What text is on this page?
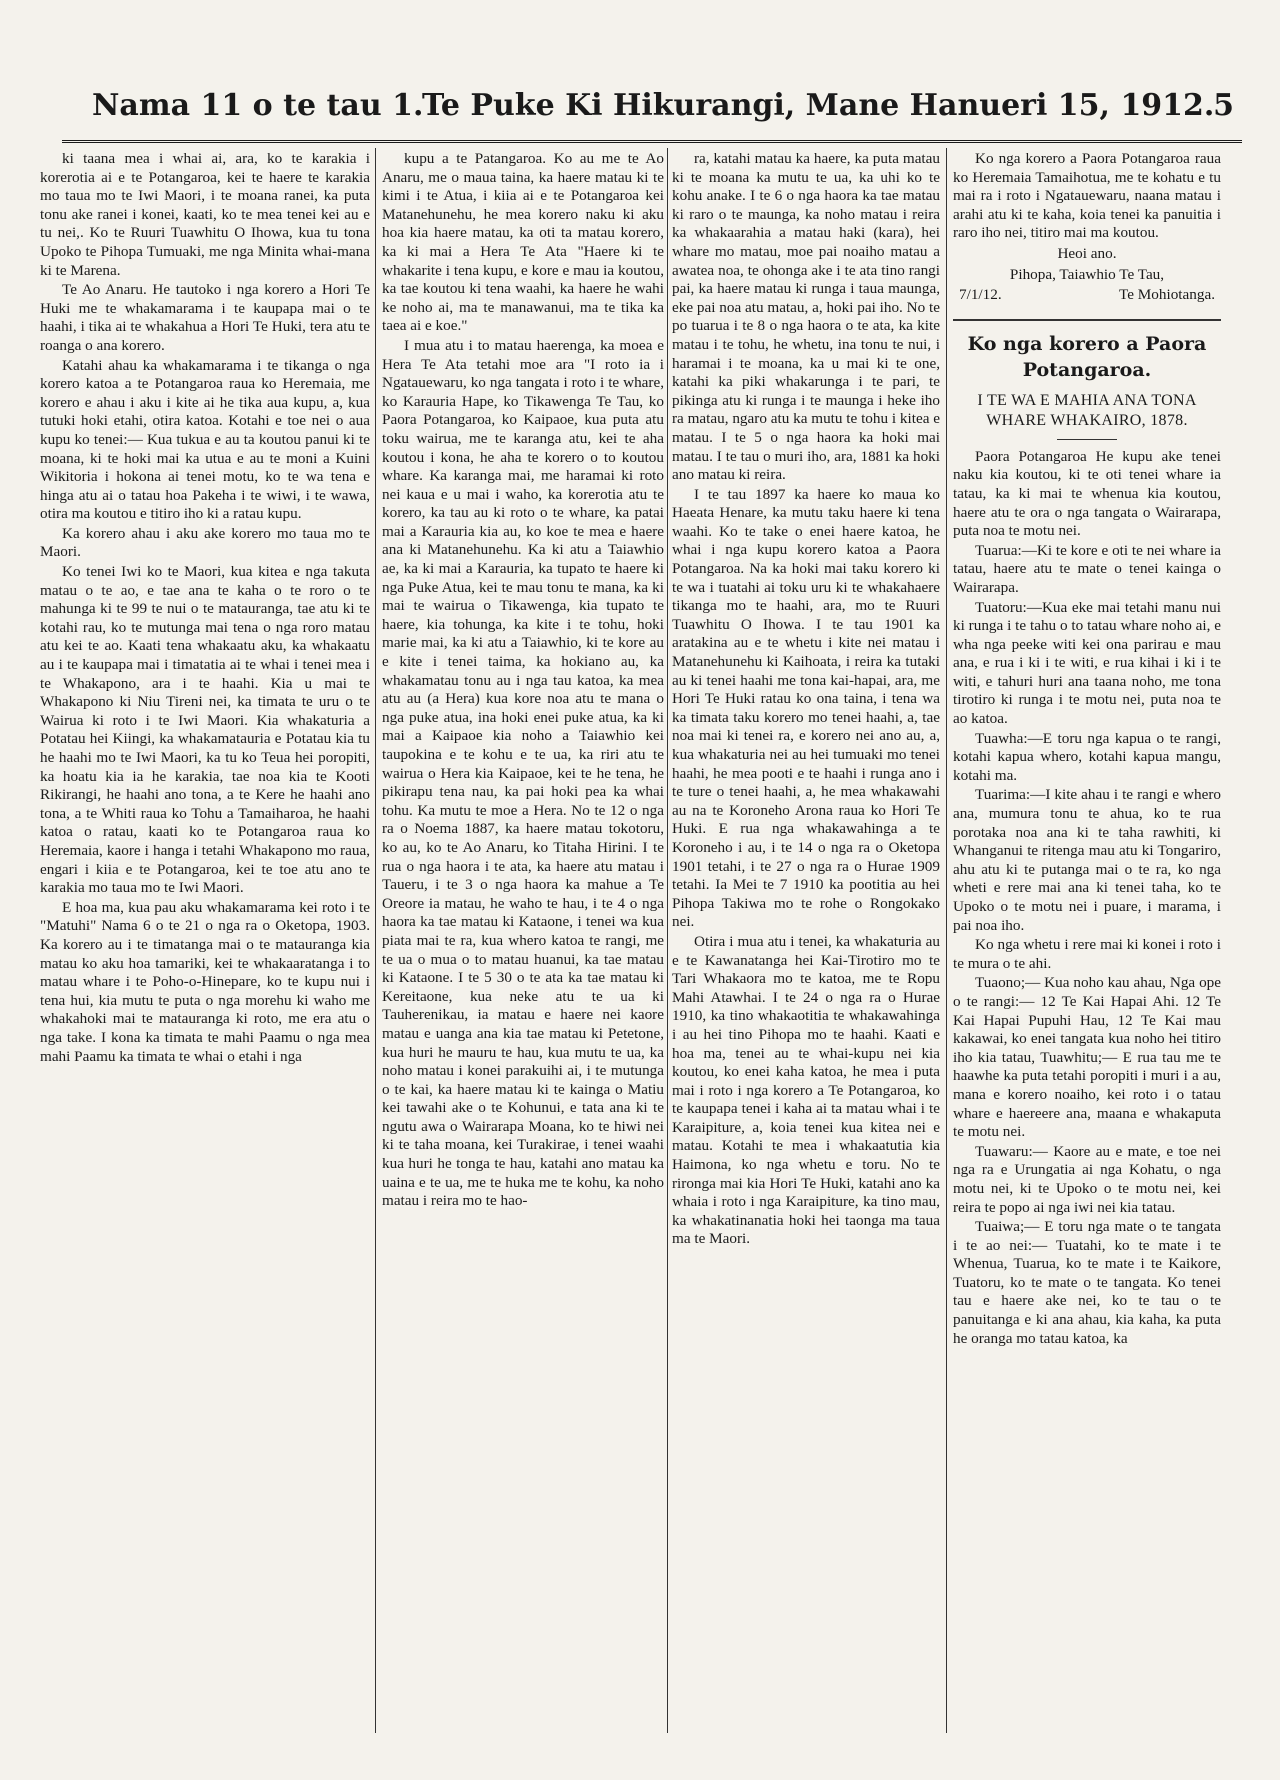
Nama 11 o te tau 1.
Te Puke Ki Hikurangi, Mane Hanueri 15, 1912.
5

ki taana mea i whai ai, ara, ko te karakia i korerotia ai e te Potangaroa, kei te haere te karakia mo taua mo te Iwi Maori, i te moana ranei, ka puta tonu ake ranei i konei, kaati, ko te mea tenei kei au e tu nei,. Ko te Ruuri Tuawhitu O Ihowa, kua tu tona Upoko te Pihopa Tumuaki, me nga Minita whai-mana ki te Marena.

Te Ao Anaru. He tautoko i nga korero a Hori Te Huki me te whakamarama i te kaupapa mai o te haahi, i tika ai te whakahua a Hori Te Huki, tera atu te roanga o ana korero.

Katahi ahau ka whakamarama i te tikanga o nga korero katoa a te Potangaroa raua ko Heremaia, me korero e ahau i aku i kite ai he tika aua kupu, a, kua tutuki hoki etahi, otira katoa. Kotahi e toe nei o aua kupu ko tenei:— Kua tukua e au ta koutou panui ki te moana, ki te hoki mai ka utua e au te moni a Kuini Wikitoria i hokona ai tenei motu, ko te wa tena e hinga atu ai o tatau hoa Pakeha i te wiwi, i te wawa, otira ma koutou e titiro iho ki a ratau kupu.

Ka korero ahau i aku ake korero mo taua mo te Maori.

Ko tenei Iwi ko te Maori, kua kitea e nga takuta matau o te ao, e tae ana te kaha o te roro o te mahunga ki te 99 te nui o te matauranga, tae atu ki te kotahi rau, ko te mutunga mai tena o nga roro matau atu kei te ao. Kaati tena whakaatu aku, ka whakaatu au i te kaupapa mai i timatatia ai te whai i tenei mea i te Whakapono, ara i te haahi. Kia u mai te Whakapono ki Niu Tireni nei, ka timata te uru o te Wairua ki roto i te Iwi Maori. Kia whakaturia a Potatau hei Kiingi, ka whakamatauria e Potatau kia tu he haahi mo te Iwi Maori, ka tu ko Teua hei poropiti, ka hoatu kia ia he karakia, tae noa kia te Kooti Rikirangi, he haahi ano tona, a te Kere he haahi ano tona, a te Whiti raua ko Tohu a Tamaiharoa, he haahi katoa o ratau, kaati ko te Potangaroa raua ko Heremaia, kaore i hanga i tetahi Whakapono mo raua, engari i kiia e te Potangaroa, kei te toe atu ano te karakia mo taua mo te Iwi Maori.

E hoa ma, kua pau aku whakamarama kei roto i te "Matuhi" Nama 6 o te 21 o nga ra o Oketopa, 1903. Ka korero au i te timatanga mai o te matauranga kia matau ko aku hoa tamariki, kei te whakaaratanga i to matau whare i te Poho-o-Hinepare, ko te kupu nui i tena hui, kia mutu te puta o nga morehu ki waho me whakahoki mai te matauranga ki roto, me era atu o nga take. I kona ka timata te mahi Paamu o nga mea mahi Paamu ka timata te whai o etahi i nga

kupu a te Patangaroa. Ko au me te Ao Anaru, me o maua taina, ka haere matau ki te kimi i te Atua, i kiia ai e te Potangaroa kei Matanehunehu, he mea korero naku ki aku hoa kia haere matau, ka oti ta matau korero, ka ki mai a Hera Te Ata "Haere ki te whakarite i tena kupu, e kore e mau ia koutou, ka tae koutou ki tena waahi, ka haere he wahi ke noho ai, ma te manawanui, ma te tika ka taea ai e koe."

I mua atu i to matau haerenga, ka moea e Hera Te Ata tetahi moe ara "I roto ia i Ngatauewaru, ko nga tangata i roto i te whare, ko Karauria Hape, ko Tikawenga Te Tau, ko Paora Potangaroa, ko Kaipaoe, kua puta atu toku wairua, me te karanga atu, kei te aha koutou i kona, he aha te korero o to koutou whare. Ka karanga mai, me haramai ki roto nei kaua e u mai i waho, ka korerotia atu te korero, ka tau au ki roto o te whare, ka patai mai a Karauria kia au, ko koe te mea e haere ana ki Matanehunehu. Ka ki atu a Taiawhio ae, ka ki mai a Karauria, ka tupato te haere ki nga Puke Atua, kei te mau tonu te mana, ka ki mai te wairua o Tikawenga, kia tupato te haere, kia tohunga, ka kite i te tohu, hoki marie mai, ka ki atu a Taiawhio, ki te kore au e kite i tenei taima, ka hokiano au, ka whakamatau tonu au i nga tau katoa, ka mea atu au (a Hera) kua kore noa atu te mana o nga puke atua, ina hoki enei puke atua, ka ki mai a Kaipaoe kia noho a Taiawhio kei taupokina e te kohu e te ua, ka riri atu te wairua o Hera kia Kaipaoe, kei te he tena, he pikirapu tena nau, ka pai hoki pea ka whai tohu. Ka mutu te moe a Hera. No te 12 o nga ra o Noema 1887, ka haere matau tokotoru, ko au, ko te Ao Anaru, ko Titaha Hirini. I te rua o nga haora i te ata, ka haere atu matau i Taueru, i te 3 o nga haora ka mahue a Te Oreore ia matau, he waho te hau, i te 4 o nga haora ka tae matau ki Kataone, i tenei wa kua piata mai te ra, kua whero katoa te rangi, me te ua o mua o to matau huanui, ka tae matau ki Kataone. I te 5 30 o te ata ka tae matau ki Kereitaone, kua neke atu te ua ki Tauherenikau, ia matau e haere nei kaore matau e uanga ana kia tae matau ki Petetone, kua huri he mauru te hau, kua mutu te ua, ka noho matau i konei parakuihi ai, i te mutunga o te kai, ka haere matau ki te kainga o Matiu kei tawahi ake o te Kohunui, e tata ana ki te ngutu awa o Wairarapa Moana, ko te hiwi nei ki te taha moana, kei Turakirae, i tenei waahi kua huri he tonga te hau, katahi ano matau ka uaina e te ua, me te huka me te kohu, ka noho matau i reira mo te hao-

ra, katahi matau ka haere, ka puta matau ki te moana ka mutu te ua, ka uhi ko te kohu anake. I te 6 o nga haora ka tae matau ki raro o te maunga, ka noho matau i reira ka whakaarahia a matau haki (kara), hei whare mo matau, moe pai noaiho matau a awatea noa, te ohonga ake i te ata tino rangi pai, ka haere matau ki runga i taua maunga, eke pai noa atu matau, a, hoki pai iho. No te po tuarua i te 8 o nga haora o te ata, ka kite matau i te tohu, he whetu, ina tonu te nui, i haramai i te moana, ka u mai ki te one, katahi ka piki whakarunga i te pari, te pikinga atu ki runga i te maunga i heke iho ra matau, ngaro atu ka mutu te tohu i kitea e matau. I te 5 o nga haora ka hoki mai matau. I te tau o muri iho, ara, 1881 ka hoki ano matau ki reira.

I te tau 1897 ka haere ko maua ko Haeata Henare, ka mutu taku haere ki tena waahi. Ko te take o enei haere katoa, he whai i nga kupu korero katoa a Paora Potangaroa. Na ka hoki mai taku korero ki te wa i tuatahi ai toku uru ki te whakahaere tikanga mo te haahi, ara, mo te Ruuri Tuawhitu O Ihowa. I te tau 1901 ka aratakina au e te whetu i kite nei matau i Matanehunehu ki Kaihoata, i reira ka tutaki au ki tenei haahi me tona kai-hapai, ara, me Hori Te Huki ratau ko ona taina, i tena wa ka timata taku korero mo tenei haahi, a, tae noa mai ki tenei ra, e korero nei ano au, a, kua whakaturia nei au hei tumuaki mo tenei haahi, he mea pooti e te haahi i runga ano i te ture o tenei haahi, a, he mea whakawahi au na te Koroneho Arona raua ko Hori Te Huki. E rua nga whakawahinga a te Koroneho i au, i te 14 o nga ra o Oketopa 1901 tetahi, i te 27 o nga ra o Hurae 1909 tetahi. Ia Mei te 7 1910 ka pootitia au hei Pihopa Takiwa mo te rohe o Rongokako nei.

Otira i mua atu i tenei, ka whakaturia au e te Kawanatanga hei Kai-Tirotiro mo te Tari Whakaora mo te katoa, me te Ropu Mahi Atawhai. I te 24 o nga ra o Hurae 1910, ka tino whakaotitia te whakawahinga i au hei tino Pihopa mo te haahi. Kaati e hoa ma, tenei au te whai-kupu nei kia koutou, ko enei kaha katoa, he mea i puta mai i roto i nga korero a Te Potangaroa, ko te kaupapa tenei i kaha ai ta matau whai i te Karaipiture, a, koia tenei kua kitea nei e matau. Kotahi te mea i whakaatutia kia Haimona, ko nga whetu e toru. No te rironga mai kia Hori Te Huki, katahi ano ka whaia i roto i nga Karaipiture, ka tino mau, ka whakatinanatia hoki hei taonga ma taua ma te Maori.

Ko nga korero a Paora Potangaroa raua ko Heremaia Tamaihotua, me te kohatu e tu mai ra i roto i Ngatauewaru, naana matau i arahi atu ki te kaha, koia tenei ka panuitia i raro iho nei, titiro mai ma koutou.

Heoi ano.
Pihopa, Taiawhio Te Tau,
7/1/12.	Te Mohiotanga.
Ko nga korero a Paora Potangaroa.
I TE WA E MAHIA ANA TONA WHARE WHAKAIRO, 1878.

Paora Potangaroa He kupu ake tenei naku kia koutou, ki te oti tenei whare ia tatau, ka ki mai te whenua kia koutou, haere atu te ora o nga tangata o Wairarapa, puta noa te motu nei.

Tuarua:—Ki te kore e oti te nei whare ia tatau, haere atu te mate o tenei kainga o Wairarapa.

Tuatoru:—Kua eke mai tetahi manu nui ki runga i te tahu o to tatau whare noho ai, e wha nga peeke witi kei ona parirau e mau ana, e rua i ki i te witi, e rua kihai i ki i te witi, e tahuri huri ana taana noho, me tona tirotiro ki runga i te motu nei, puta noa te ao katoa.

Tuawha:—E toru nga kapua o te rangi, kotahi kapua whero, kotahi kapua mangu, kotahi ma.

Tuarima:—I kite ahau i te rangi e whero ana, mumura tonu te ahua, ko te rua porotaka noa ana ki te taha rawhiti, ki Whanganui te ritenga mau atu ki Tongariro, ahu atu ki te putanga mai o te ra, ko nga wheti e rere mai ana ki tenei taha, ko te Upoko o te motu nei i puare, i marama, i pai noa iho.

Ko nga whetu i rere mai ki konei i roto i te mura o te ahi.

Tuaono;— Kua noho kau ahau, Nga ope o te rangi:— 12 Te Kai Hapai Ahi. 12 Te Kai Hapai Pupuhi Hau, 12 Te Kai mau kakawai, ko enei tangata kua noho hei titiro iho kia tatau, Tuawhitu;— E rua tau me te haawhe ka puta tetahi poropiti i muri i a au, mana e korero noaiho, kei roto i o tatau whare e haereere ana, maana e whakaputa te motu nei.

Tuawaru:— Kaore au e mate, e toe nei nga ra e Urungatia ai nga Kohatu, o nga motu nei, ki te Upoko o te motu nei, kei reira te popo ai nga iwi nei kia tatau.

Tuaiwa;— E toru nga mate o te tangata i te ao nei:— Tuatahi, ko te mate i te Whenua, Tuarua, ko te mate i te Kaikore, Tuatoru, ko te mate o te tangata. Ko tenei tau e haere ake nei, ko te tau o te panuitanga e ki ana ahau, kia kaha, ka puta he oranga mo tatau katoa, ka
